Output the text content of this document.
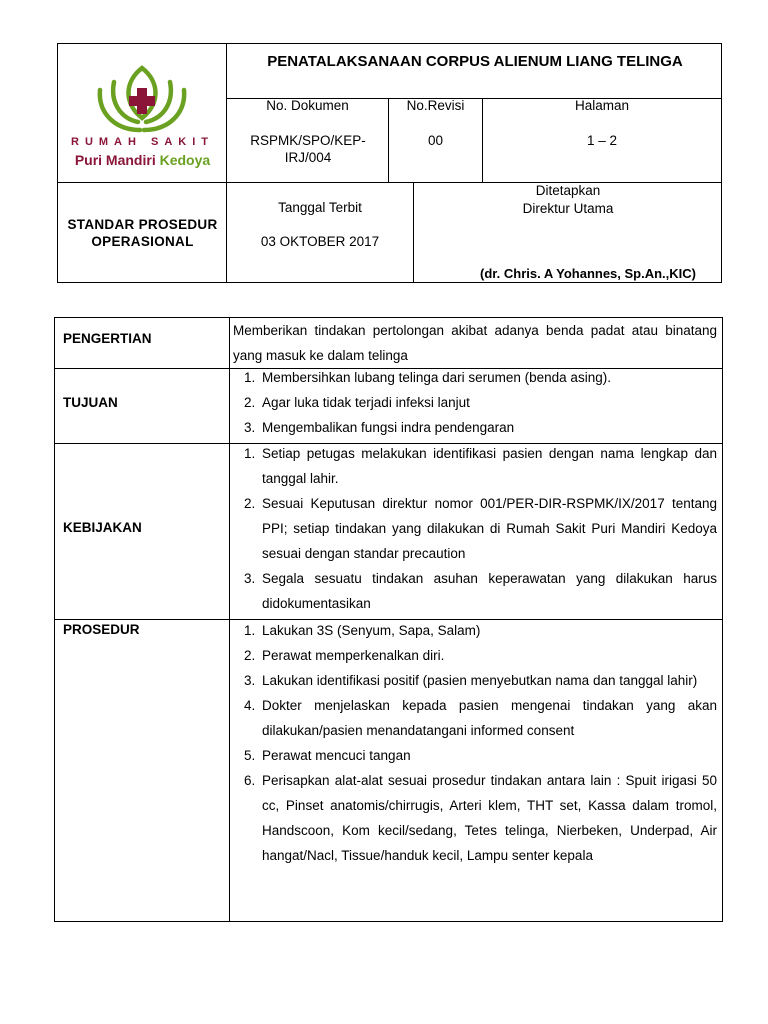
RUMAH SAKIT
Puri Mandiri Kedoya
PENATALAKSANAAN CORPUS ALIENUM LIANG TELINGA
No. Dokumen	No.Revisi	Halaman
RSPMK/SPO/KEP-IRJ/004
00	1 – 2
STANDAR PROSEDUR OPERASIONAL
Tanggal Terbit
03 OKTOBER 2017
Ditetapkan
Direktur Utama
(dr. Chris. A Yohannes, Sp.An.,KIC)
PENGERTIAN

Memberikan tindakan pertolongan akibat adanya benda padat atau binatang yang masuk ke dalam telinga

TUJUAN
1. Membersihkan lubang telinga dari serumen (benda asing).
2. Agar luka tidak terjadi infeksi lanjut
3. Mengembalikan fungsi indra pendengaran
KEBIJAKAN
1. Setiap petugas melakukan identifikasi pasien dengan nama lengkap dan tanggal lahir.
2. Sesuai Keputusan direktur nomor 001/PER-DIR-RSPMK/IX/2017 tentang PPI; setiap tindakan yang dilakukan di Rumah Sakit Puri Mandiri Kedoya sesuai dengan standar precaution
3. Segala sesuatu tindakan asuhan keperawatan yang dilakukan harus didokumentasikan
PROSEDUR
1.	Lakukan 3S (Senyum, Sapa, Salam)
2. Perawat memperkenalkan diri.
3. Lakukan identifikasi positif (pasien menyebutkan nama dan tanggal lahir)
4. Dokter menjelaskan kepada pasien mengenai tindakan yang akan dilakukan/pasien menandatangani informed consent
5. Perawat mencuci tangan
6. Perisapkan alat-alat sesuai prosedur tindakan antara lain : Spuit irigasi 50 cc, Pinset anatomis/chirrugis, Arteri klem, THT set, Kassa dalam tromol, Handscoon, Kom kecil/sedang, Tetes telinga, Nierbeken, Underpad, Air hangat/Nacl, Tissue/handuk kecil, Lampu senter kepala
